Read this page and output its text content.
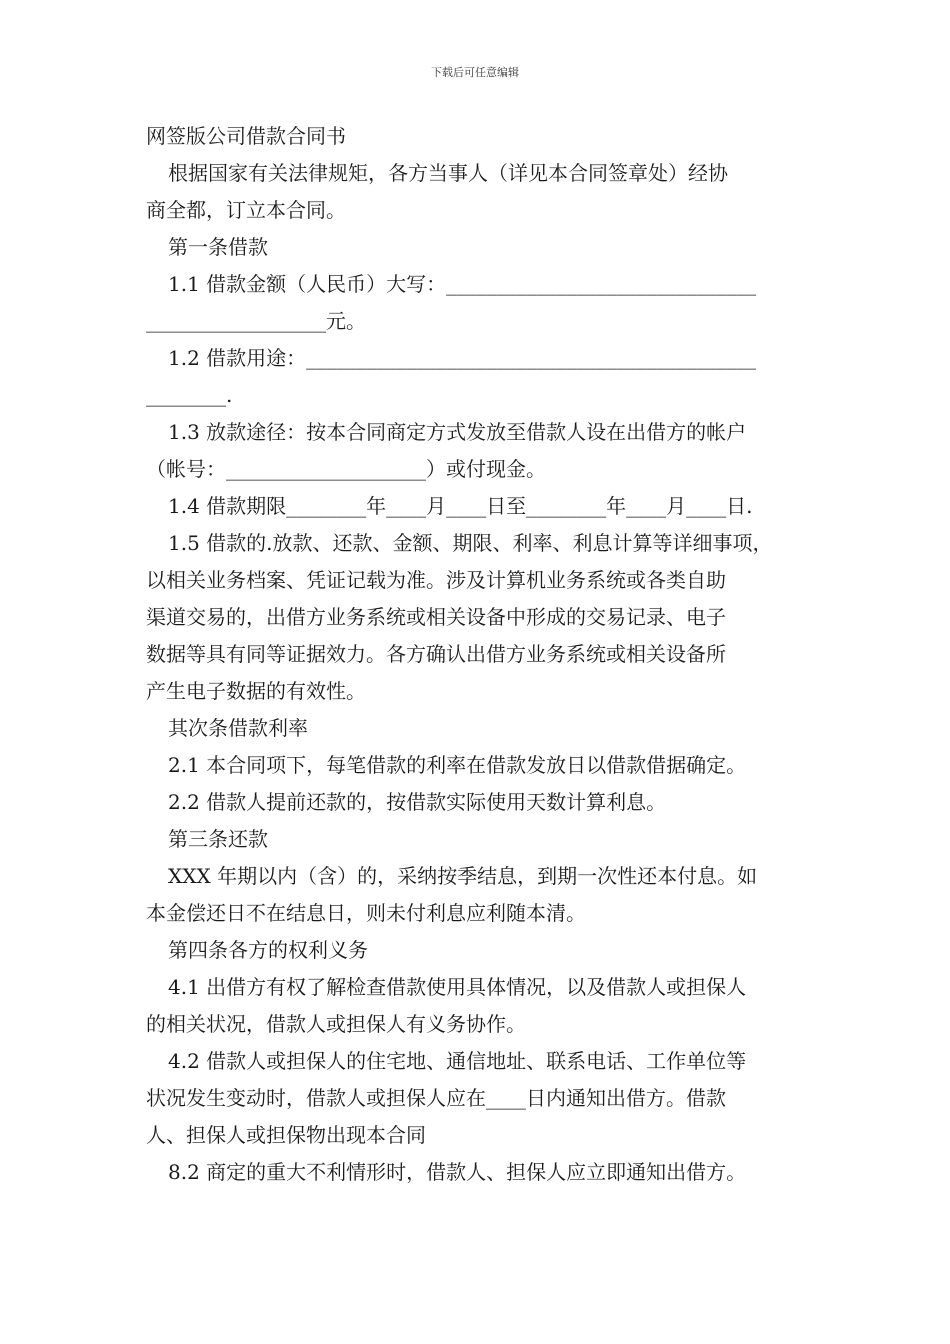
下载后可任意编辑
网签版公司借款合同书
根据国家有关法律规矩，各方当事人（详见本合同签章处）经协
商全都，订立本合同。
第一条借款
1.1 借款金额（人民币）大写：_______________________________
__________________元。
1.2 借款用途：_____________________________________________
________.
1.3 放款途径：按本合同商定方式发放至借款人设在出借方的帐户
（帐号：____________________）或付现金。
1.4 借款期限________年____月____日至________年____月____日.
1.5 借款的.放款、还款、金额、期限、利率、利息计算等详细事项，
以相关业务档案、凭证记载为准。涉及计算机业务系统或各类自助
渠道交易的，出借方业务系统或相关设备中形成的交易记录、电子
数据等具有同等证据效力。各方确认出借方业务系统或相关设备所
产生电子数据的有效性。
其次条借款利率
2.1 本合同项下，每笔借款的利率在借款发放日以借款借据确定。
2.2 借款人提前还款的，按借款实际使用天数计算利息。
第三条还款
XXX 年期以内（含）的，采纳按季结息，到期一次性还本付息。如
本金偿还日不在结息日，则未付利息应利随本清。
第四条各方的权利义务
4.1 出借方有权了解检查借款使用具体情况，以及借款人或担保人
的相关状况，借款人或担保人有义务协作。
4.2 借款人或担保人的住宅地、通信地址、联系电话、工作单位等
状况发生变动时，借款人或担保人应在____日内通知出借方。借款
人、担保人或担保物出现本合同
8.2 商定的重大不利情形时，借款人、担保人应立即通知出借方。
